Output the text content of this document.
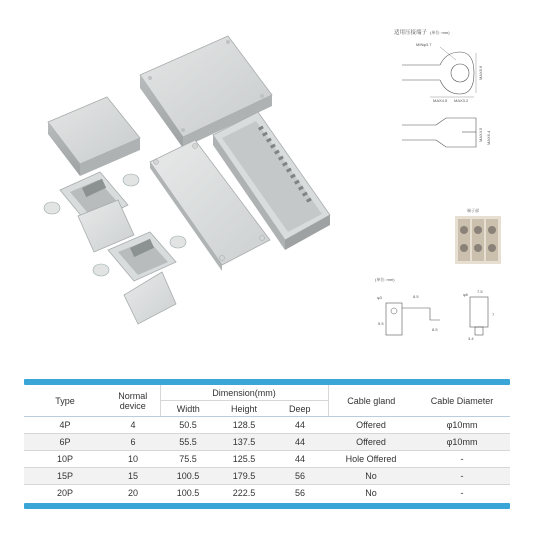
适用压接端子 (单位: mm)
MINφ3.7
MAX6.6
MAX4.5 MAX3.2
MAX4.5 MAX6.4
端子部
(单位: mm)
φ3	8.5
5.5
8.5
φ6
7.5
7
3.4
Type	Normal device	Dimension(mm)			Cable gland	Cable Diameter
		Width	Height	Deep		
4P	4	50.5	128.5	44	Offered	φ10mm
6P	6	55.5	137.5	44	Offered	φ10mm
10P	10	75.5	125.5	44	Hole Offered	-
15P	15	100.5	179.5	56	No	-
20P	20	100.5	222.5	56	No	-
